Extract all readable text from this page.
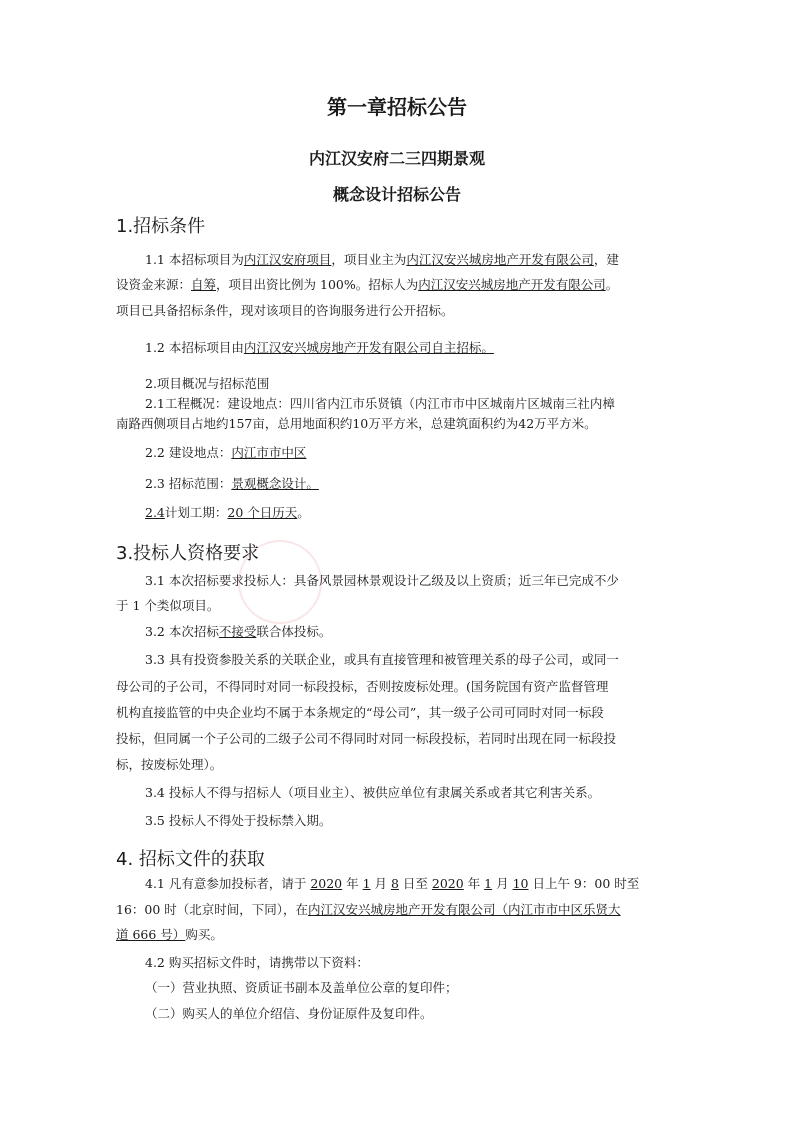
第一章招标公告
内江汉安府二三四期景观
概念设计招标公告
1.招标条件
1.1 本招标项目为内江汉安府项目，项目业主为内江汉安兴城房地产开发有限公司，建
设资金来源：自筹，项目出资比例为 100%。招标人为内江汉安兴城房地产开发有限公司。
项目已具备招标条件，现对该项目的咨询服务进行公开招标。
1.2 本招标项目由内江汉安兴城房地产开发有限公司自主招标。
2.项目概况与招标范围
2.1工程概况：建设地点：四川省内江市乐贤镇（内江市市中区城南片区城南三社内樟
南路西侧项目占地约157亩，总用地面积约10万平方米，总建筑面积约为42万平方米。
2.2 建设地点：内江市市中区
2.3 招标范围：景观概念设计。
2.4计划工期：20 个日历天。
3.投标人资格要求
3.1 本次招标要求投标人：具备风景园林景观设计乙级及以上资质；近三年已完成不少
于 1 个类似项目。
3.2 本次招标不接受联合体投标。
3.3 具有投资参股关系的关联企业，或具有直接管理和被管理关系的母子公司，或同一
母公司的子公司，不得同时对同一标段投标，否则按废标处理。(国务院国有资产监督管理
机构直接监管的中央企业均不属于本条规定的“母公司”，其一级子公司可同时对同一标段
投标，但同属一个子公司的二级子公司不得同时对同一标段投标，若同时出现在同一标段投
标，按废标处理）。
3.4 投标人不得与招标人（项目业主）、被供应单位有隶属关系或者其它利害关系。
3.5 投标人不得处于投标禁入期。
4. 招标文件的获取
4.1 凡有意参加投标者，请于 2020 年 1 月 8 日至 2020 年 1 月 10 日上午 9：00 时至
16：00 时（北京时间，下同），在内江汉安兴城房地产开发有限公司（内江市市中区乐贤大
道 666 号）购买。
4.2 购买招标文件时，请携带以下资料：
（一）营业执照、资质证书副本及盖单位公章的复印件；
（二）购买人的单位介绍信、身份证原件及复印件。
